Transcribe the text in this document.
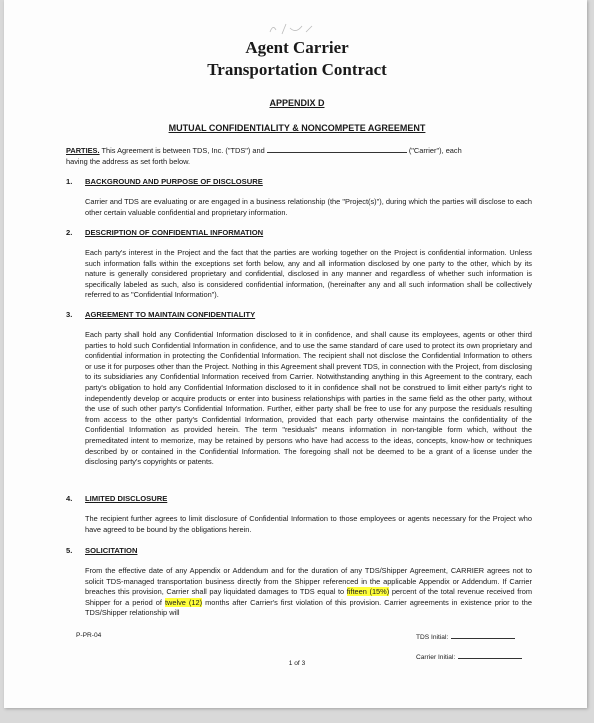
Agent Carrier
Transportation Contract
APPENDIX D
MUTUAL CONFIDENTIALITY & NONCOMPETE AGREEMENT
PARTIES. This Agreement is between TDS, Inc. ("TDS") and	("Carrier"), each
having the address as set forth below.
1. BACKGROUND AND PURPOSE OF DISCLOSURE
Carrier and TDS are evaluating or are engaged in a business relationship (the "Project(s)"), during which the parties will disclose to each other certain valuable confidential and proprietary information.
2. DESCRIPTION OF CONFIDENTIAL INFORMATION
Each party's interest in the Project and the fact that the parties are working together on the Project is confidential information. Unless such information falls within the exceptions set forth below, any and all information disclosed by one party to the other, which by its nature is generally considered proprietary and confidential, disclosed in any manner and regardless of whether such information is specifically labeled as such, also is considered confidential information, (hereinafter any and all such information shall be collectively referred to as "Confidential Information").
3. AGREEMENT TO MAINTAIN CONFIDENTIALITY
Each party shall hold any Confidential Information disclosed to it in confidence, and shall cause its employees, agents or other third parties to hold such Confidential Information in confidence, and to use the same standard of care used to protect its own proprietary and confidential information in protecting the Confidential Information. The recipient shall not disclose the Confidential Information to others or use it for purposes other than the Project. Nothing in this Agreement shall prevent TDS, in connection with the Project, from disclosing to its subsidiaries any Confidential Information received from Carrier. Notwithstanding anything in this Agreement to the contrary, each party's obligation to hold any Confidential Information disclosed to it in confidence shall not be construed to limit either party's right to independently develop or acquire products or enter into business relationships with parties in the same field as the other party, without the use of such other party's Confidential Information. Further, either party shall be free to use for any purpose the residuals resulting from access to the other party's Confidential Information, provided that each party otherwise maintains the confidentiality of the Confidential Information as provided herein. The term "residuals" means information in non-tangible form which, without the premeditated intent to memorize, may be retained by persons who have had access to the ideas, concepts, know-how or techniques described by or contained in the Confidential Information. The foregoing shall not be deemed to be a grant of a license under the disclosing party's copyrights or patents.
4. LIMITED DISCLOSURE
The recipient further agrees to limit disclosure of Confidential Information to those employees or agents necessary for the Project who have agreed to be bound by the obligations herein.
5. SOLICITATION
From the effective date of any Appendix or Addendum and for the duration of any TDS/Shipper Agreement, CARRIER agrees not to solicit TDS-managed transportation business directly from the Shipper referenced in the applicable Appendix or Addendum. If Carrier breaches this provision, Carrier shall pay liquidated damages to TDS equal to fifteen (15%) percent of the total revenue received from Shipper for a period of twelve (12) months after Carrier's first violation of this provision. Carrier agreements in existence prior to the TDS/Shipper relationship will
P-PR-04	TDS Initial:
Carrier Initial:
1 of 3
